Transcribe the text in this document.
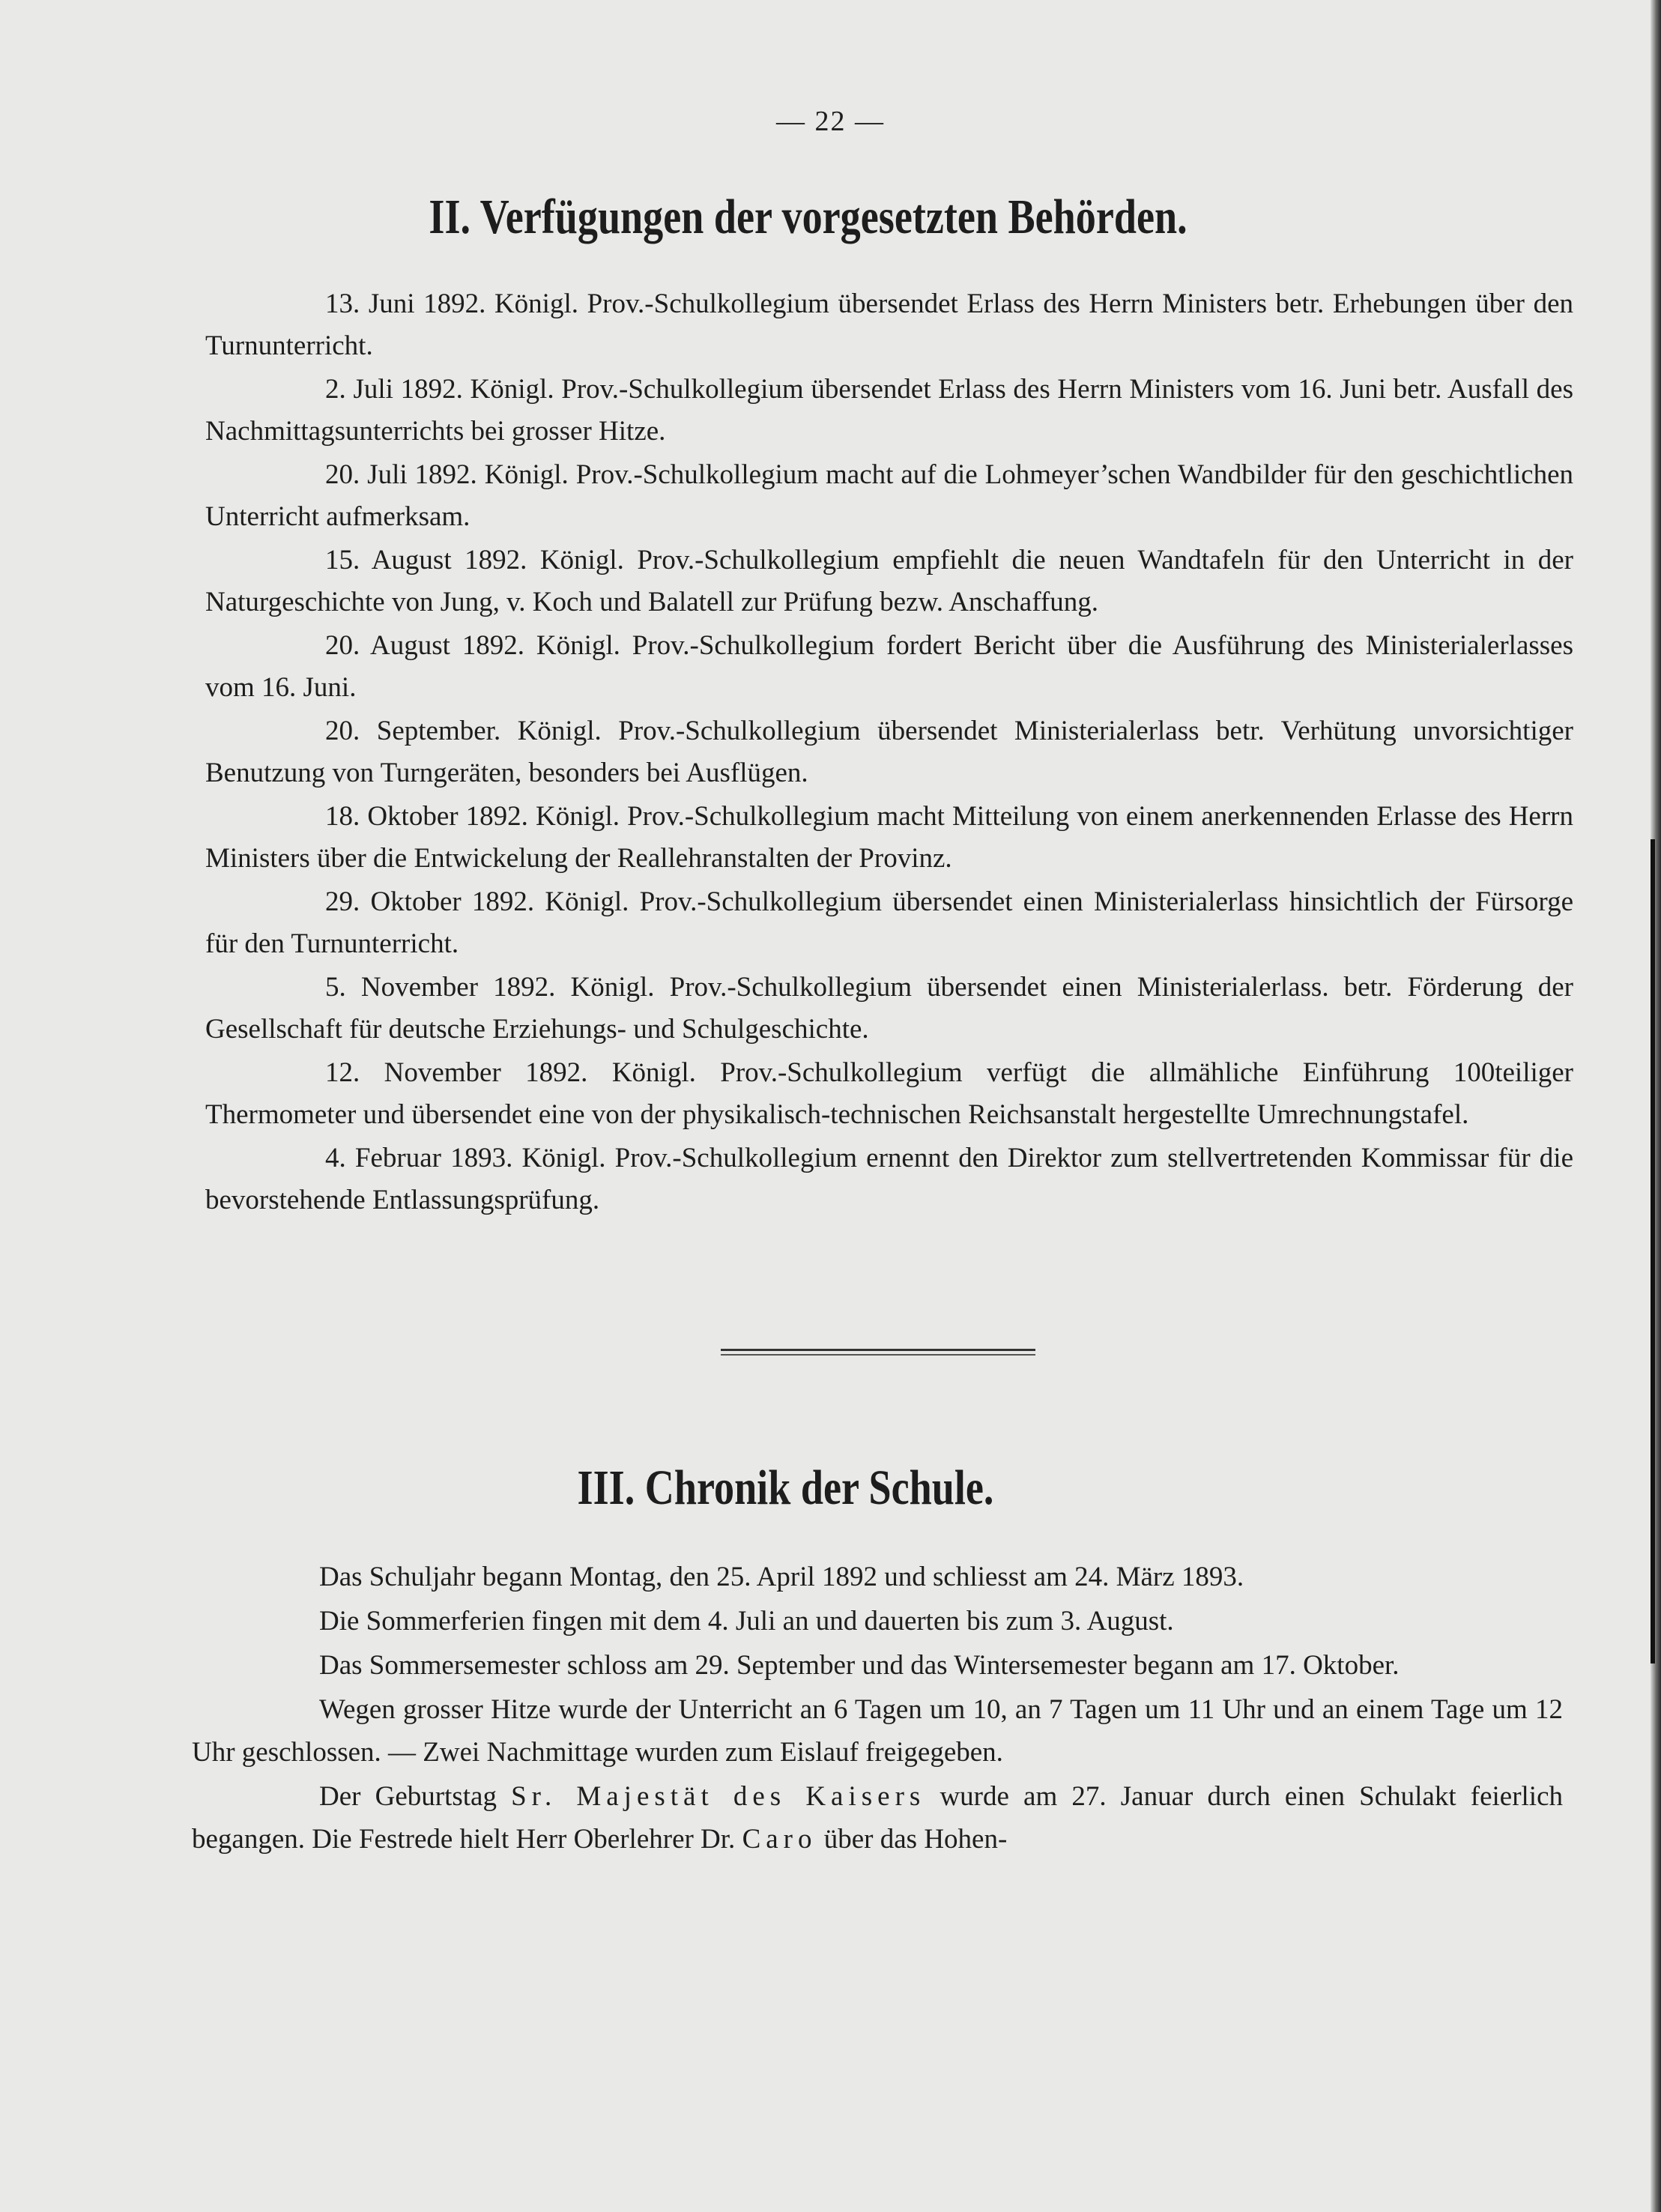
— 22 —
II. Verfügungen der vorgesetzten Behörden.

13. Juni 1892. Königl. Prov.-Schulkollegium übersendet Erlass des Herrn Ministers betr. Erhebungen über den Turnunterricht.

2. Juli 1892. Königl. Prov.-Schulkollegium übersendet Erlass des Herrn Ministers vom 16. Juni betr. Ausfall des Nachmittagsunterrichts bei grosser Hitze.

20. Juli 1892. Königl. Prov.-Schulkollegium macht auf die Lohmeyer’schen Wandbilder für den geschichtlichen Unterricht aufmerksam.

15. August 1892. Königl. Prov.-Schulkollegium empfiehlt die neuen Wandtafeln für den Unterricht in der Naturgeschichte von Jung, v. Koch und Balatell zur Prüfung bezw. Anschaffung.

20. August 1892. Königl. Prov.-Schulkollegium fordert Bericht über die Ausführung des Ministerialerlasses vom 16. Juni.

20. September. Königl. Prov.-Schulkollegium übersendet Ministerialerlass betr. Verhütung unvorsichtiger Benutzung von Turngeräten, besonders bei Ausflügen.

18. Oktober 1892. Königl. Prov.-Schulkollegium macht Mitteilung von einem anerkennenden Erlasse des Herrn Ministers über die Entwickelung der Reallehranstalten der Provinz.

29. Oktober 1892. Königl. Prov.-Schulkollegium übersendet einen Ministerialerlass hinsichtlich der Fürsorge für den Turnunterricht.

5. November 1892. Königl. Prov.-Schulkollegium übersendet einen Ministerialerlass. betr. Förderung der Gesellschaft für deutsche Erziehungs- und Schulgeschichte.

12. November 1892. Königl. Prov.-Schulkollegium verfügt die allmähliche Einführung 100teiliger Thermometer und übersendet eine von der physikalisch-technischen Reichsanstalt hergestellte Umrechnungstafel.

4. Februar 1893. Königl. Prov.-Schulkollegium ernennt den Direktor zum stellvertretenden Kommissar für die bevorstehende Entlassungsprüfung.

III. Chronik der Schule.

Das Schuljahr begann Montag, den 25. April 1892 und schliesst am 24. März 1893.

Die Sommerferien fingen mit dem 4. Juli an und dauerten bis zum 3. August.

Das Sommersemester schloss am 29. September und das Wintersemester begann am 17. Oktober.

Wegen grosser Hitze wurde der Unterricht an 6 Tagen um 10, an 7 Tagen um 11 Uhr und an einem Tage um 12 Uhr geschlossen. — Zwei Nachmittage wurden zum Eislauf freigegeben.

Der Geburtstag Sr. Majestät des Kaisers wurde am 27. Januar durch einen Schulakt feierlich begangen. Die Festrede hielt Herr Oberlehrer Dr. Caro über das Hohen-
